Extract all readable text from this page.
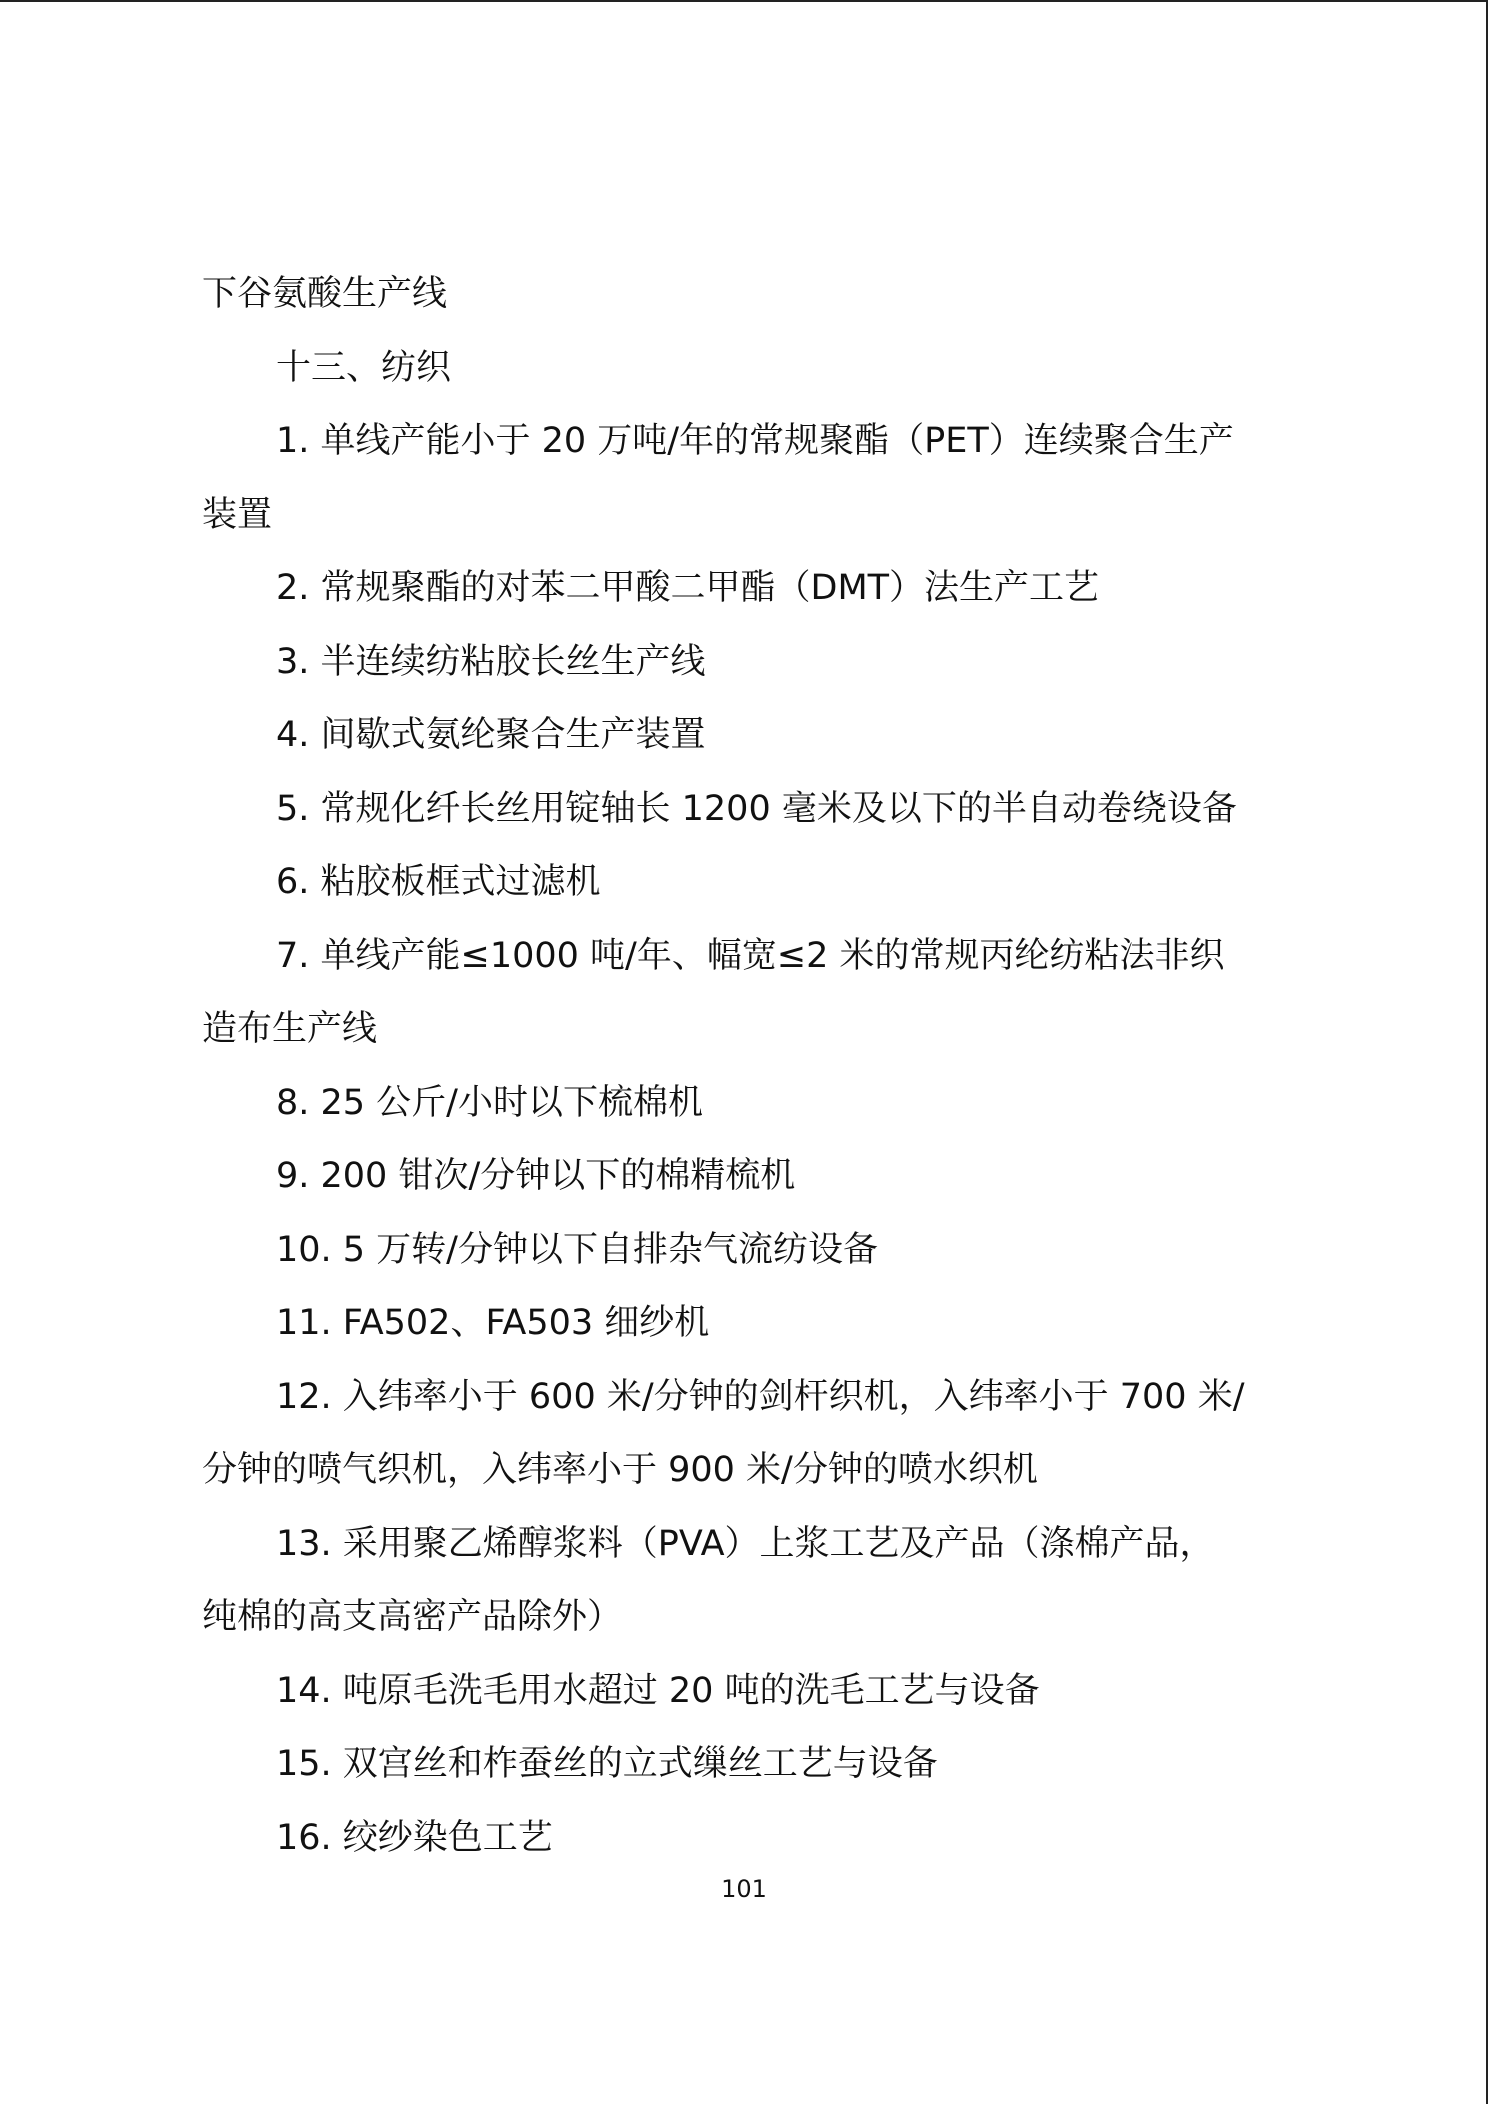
下谷氨酸生产线
十三、纺织
1. 单线产能小于 20 万吨/年的常规聚酯（PET）连续聚合生产
装置
2. 常规聚酯的对苯二甲酸二甲酯（DMT）法生产工艺
3. 半连续纺粘胶长丝生产线
4. 间歇式氨纶聚合生产装置
5. 常规化纤长丝用锭轴长 1200 毫米及以下的半自动卷绕设备
6. 粘胶板框式过滤机
7. 单线产能≤1000 吨/年、幅宽≤2 米的常规丙纶纺粘法非织
造布生产线
8. 25 公斤/小时以下梳棉机
9. 200 钳次/分钟以下的棉精梳机
10. 5 万转/分钟以下自排杂气流纺设备
11. FA502、FA503 细纱机
12. 入纬率小于 600 米/分钟的剑杆织机，入纬率小于 700 米/
分钟的喷气织机，入纬率小于 900 米/分钟的喷水织机
13. 采用聚乙烯醇浆料（PVA）上浆工艺及产品（涤棉产品，
纯棉的高支高密产品除外）
14. 吨原毛洗毛用水超过 20 吨的洗毛工艺与设备
15. 双宫丝和柞蚕丝的立式缫丝工艺与设备
16. 绞纱染色工艺
101
